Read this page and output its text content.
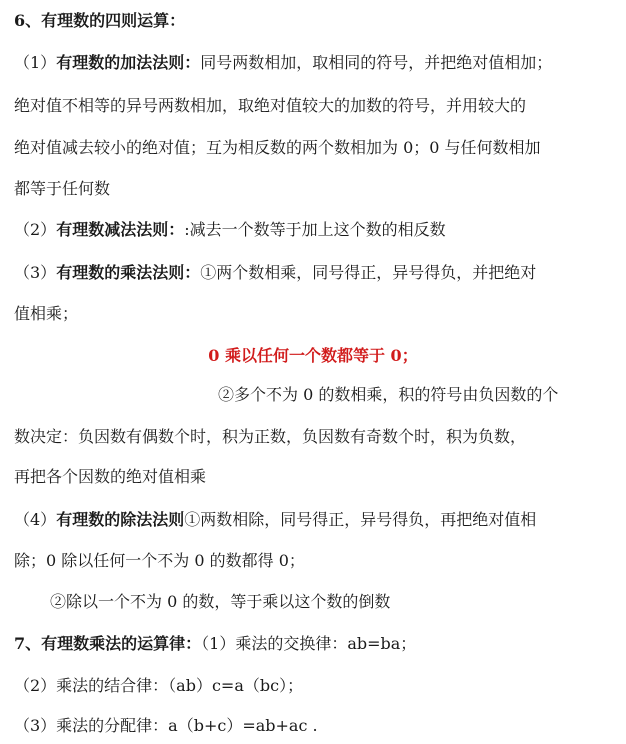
6、有理数的四则运算：
（1）有理数的加法法则：同号两数相加，取相同的符号，并把绝对值相加；
绝对值不相等的异号两数相加，取绝对值较大的加数的符号，并用较大的
绝对值减去较小的绝对值；互为相反数的两个数相加为 0；0 与任何数相加
都等于任何数
（2）有理数减法法则：:减去一个数等于加上这个数的相反数
（3）有理数的乘法法则：①两个数相乘，同号得正，异号得负，并把绝对
值相乘；
0 乘以任何一个数都等于 0；
②多个不为 0 的数相乘，积的符号由负因数的个
数决定：负因数有偶数个时，积为正数，负因数有奇数个时，积为负数，
再把各个因数的绝对值相乘
（4）有理数的除法法则①两数相除，同号得正，异号得负，再把绝对值相
除；0 除以任何一个不为 0 的数都得 0；
②除以一个不为 0 的数，等于乘以这个数的倒数
7、有理数乘法的运算律：（1）乘法的交换律：ab=ba；
（2）乘法的结合律：（ab）c=a（bc）；
（3）乘法的分配律：a（b+c）=ab+ac .
